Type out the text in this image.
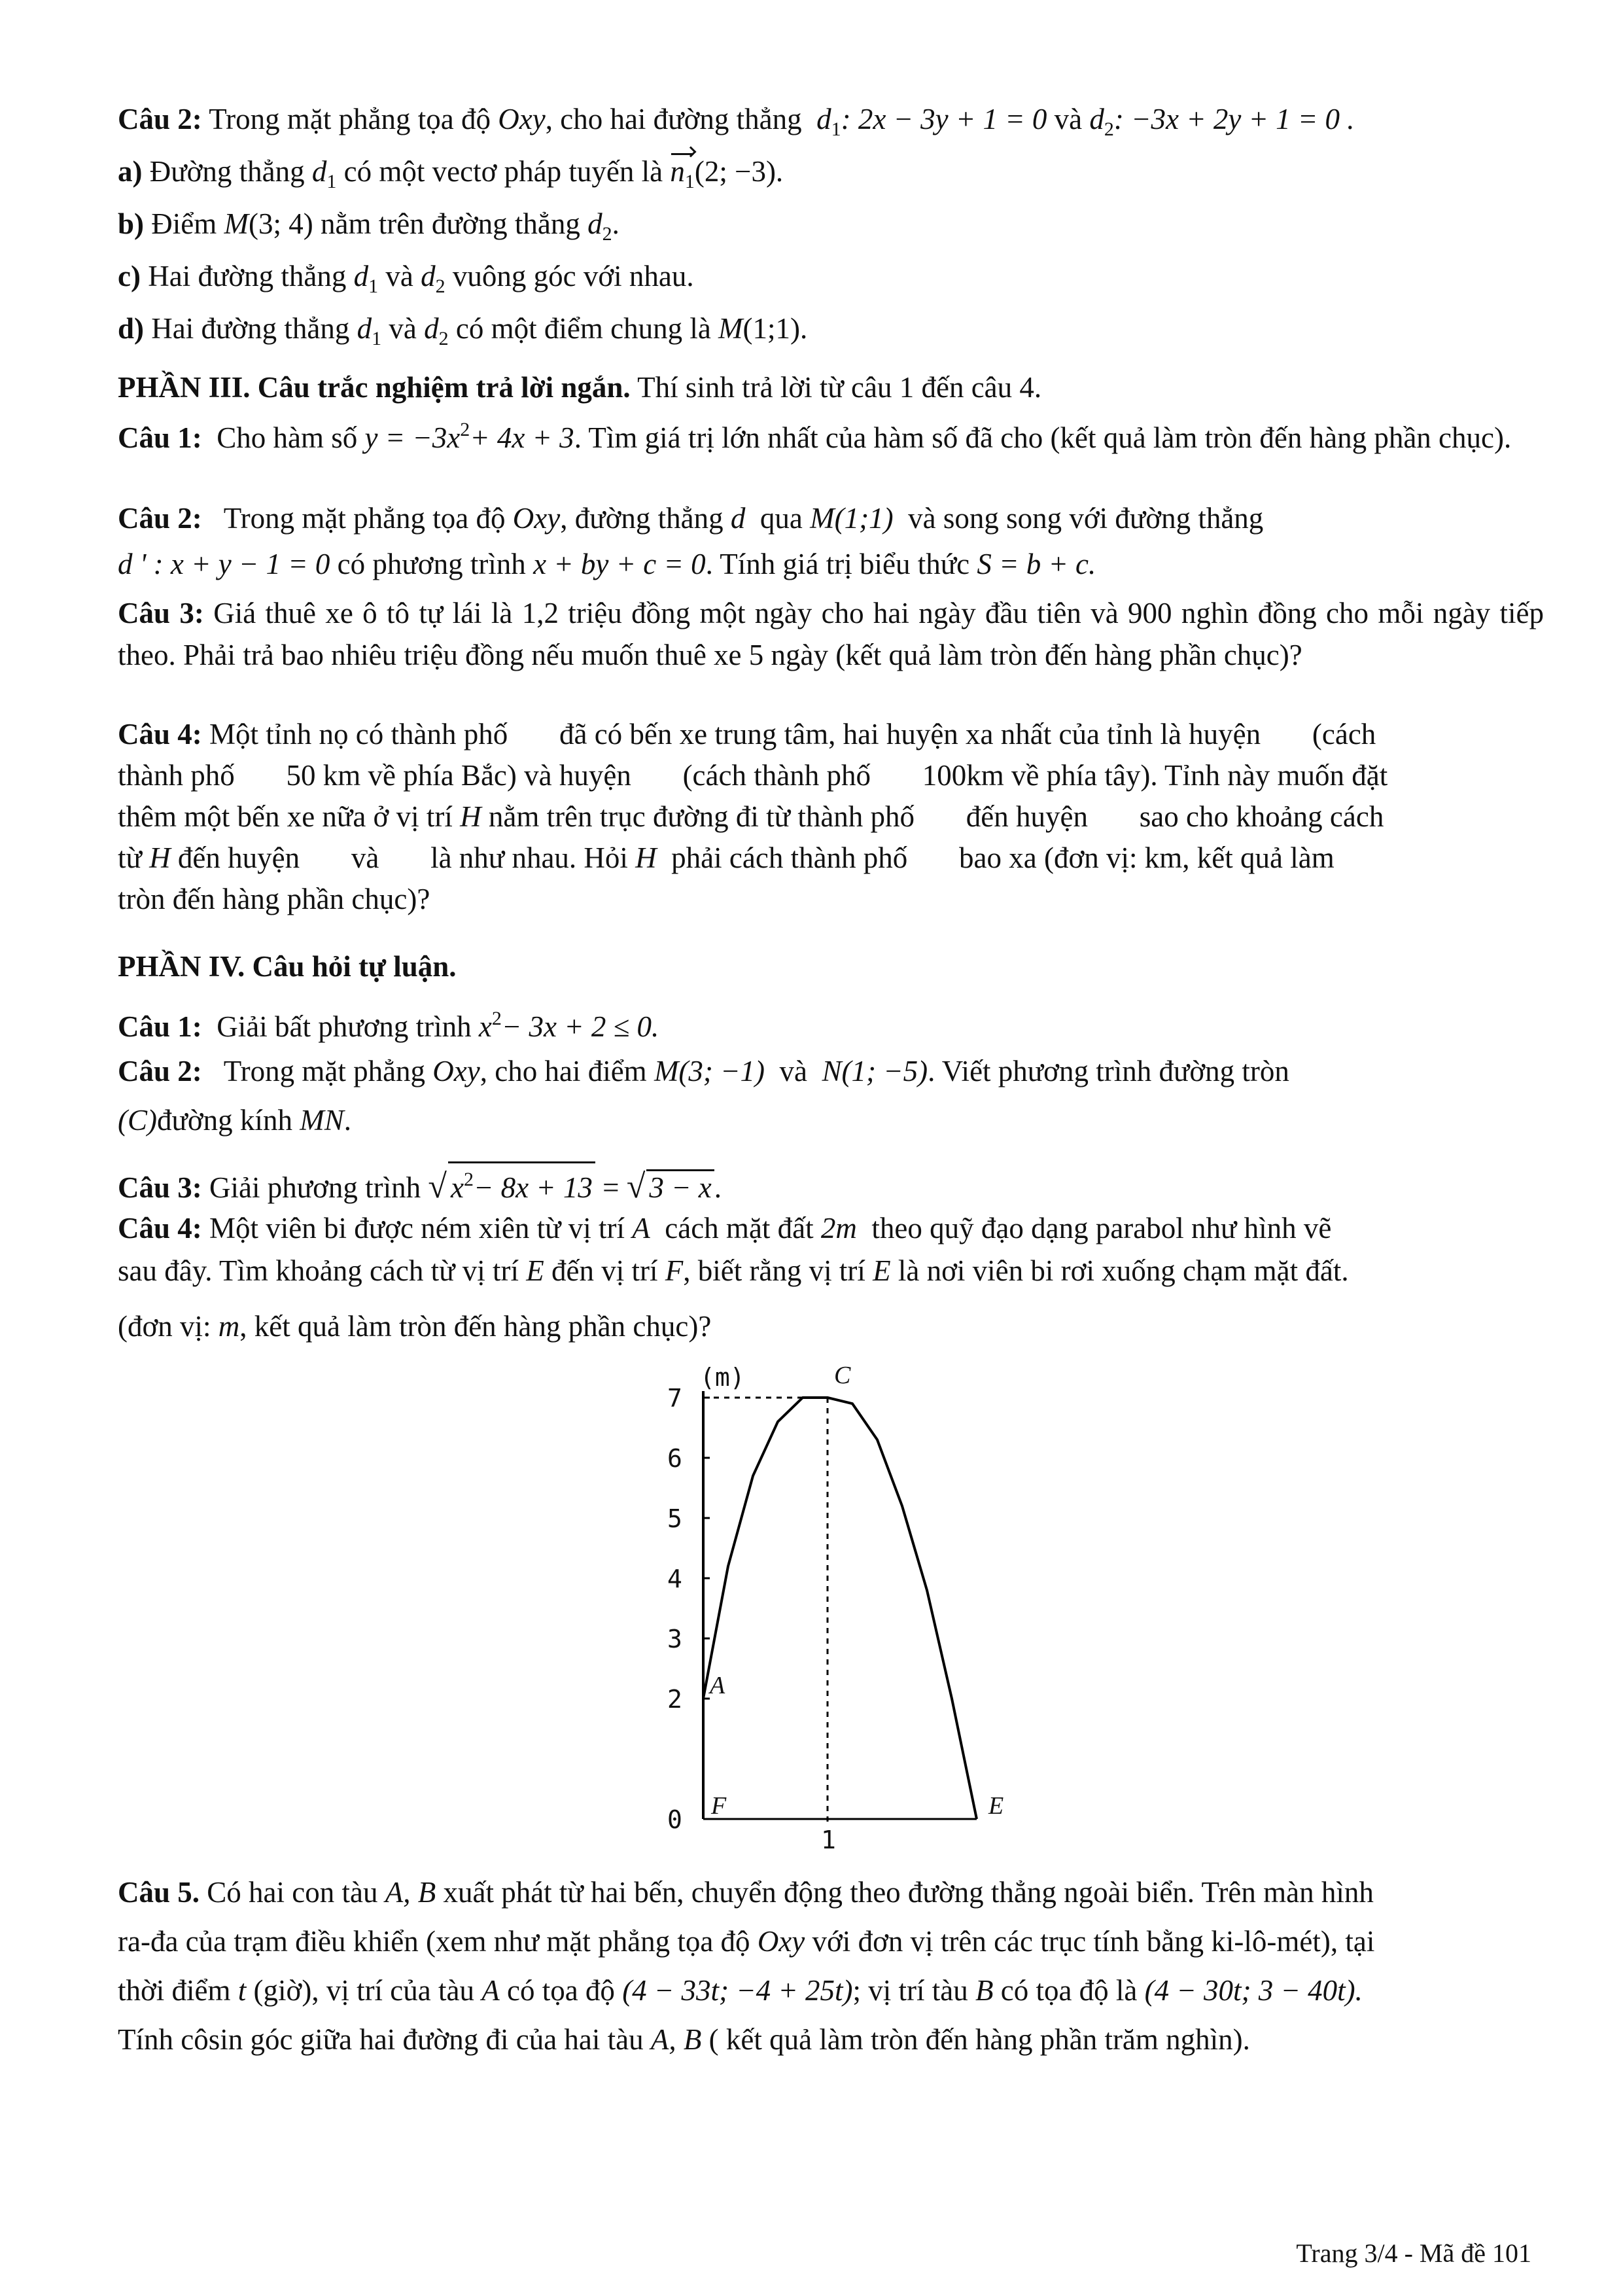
Câu 2: Trong mặt phẳng tọa độ Oxy, cho hai đường thẳng $d_1$: 2x − 3y + 1 = 0 và $d_2$: −3x + 2y + 1 = 0 .

a) Đường thẳng $d_1$ có một vectơ pháp tuyến là $n_1(2$; −3).

b) Điểm M(3; 4) nằm trên đường thẳng $d_2$.

c) Hai đường thẳng $d_1$ và $d_2$ vuông góc với nhau.

d) Hai đường thẳng $d_1$ và $d_2$ có một điểm chung là M(1;1).

PHẦN III. Câu trắc nghiệm trả lời ngắn. Thí sinh trả lời từ câu 1 đến câu 4.

Câu 1: Cho hàm số $y = -3x^2+ 4x + 3$. Tìm giá trị lớn nhất của hàm số đã cho (kết quả làm tròn đến hàng phần chục).

Câu 2: Trong mặt phẳng tọa độ Oxy, đường thẳng d qua M(1;1) và song song với đường thẳng

d ' : x + y − 1 = 0 có phương trình x + by + c = 0. Tính giá trị biểu thức S = b + c.

Câu 3: Giá thuê xe ô tô tự lái là 1,2 triệu đồng một ngày cho hai ngày đầu tiên và 900 nghìn đồng cho mỗi ngày tiếp theo. Phải trả bao nhiêu triệu đồng nếu muốn thuê xe 5 ngày (kết quả làm tròn đến hàng phần chục)?

Câu 4: Một tỉnh nọ có thành phố       đã có bến xe trung tâm, hai huyện xa nhất của tỉnh là huyện       (cách

thành phố       50 km về phía Bắc) và huyện       (cách thành phố       100km về phía tây). Tỉnh này muốn đặt

thêm một bến xe nữa ở vị trí H nằm trên trục đường đi từ thành phố       đến huyện       sao cho khoảng cách

từ H đến huyện       và       là như nhau. Hỏi H phải cách thành phố       bao xa (đơn vị: km, kết quả làm

tròn đến hàng phần chục)?

PHẦN IV. Câu hỏi tự luận.

Câu 1: Giải bất phương trình $x^2- 3x + 2 \le 0$.

Câu 2: Trong mặt phẳng Oxy, cho hai điểm M(3; −1) và N(1; −5). Viết phương trình đường tròn

(C)đường kính MN.

Câu 3: Giải phương trình √ $x^2- 8x + 13$ = √ 3 − x.

Câu 4: Một viên bi được ném xiên từ vị trí A cách mặt đất 2m theo quỹ đạo dạng parabol như hình vẽ

sau đây. Tìm khoảng cách từ vị trí E đến vị trí F, biết rằng vị trí E là nơi viên bi rơi xuống chạm mặt đất.

(đơn vị: m, kết quả làm tròn đến hàng phần chục)?

(m)
0
2
3
4
5
6
7
1
F
A
C
E

Câu 5. Có hai con tàu A, B xuất phát từ hai bến, chuyển động theo đường thẳng ngoài biển. Trên màn hình

ra-đa của trạm điều khiển (xem như mặt phẳng tọa độ Oxy với đơn vị trên các trục tính bằng ki-lô-mét), tại

thời điểm t (giờ), vị trí của tàu A có tọa độ (4 − 33t; −4 + 25t); vị trí tàu B có tọa độ là (4 − 30t; 3 − 40t).

Tính côsin góc giữa hai đường đi của hai tàu A, B ( kết quả làm tròn đến hàng phần trăm nghìn).

Trang 3/4 - Mã đề 101
